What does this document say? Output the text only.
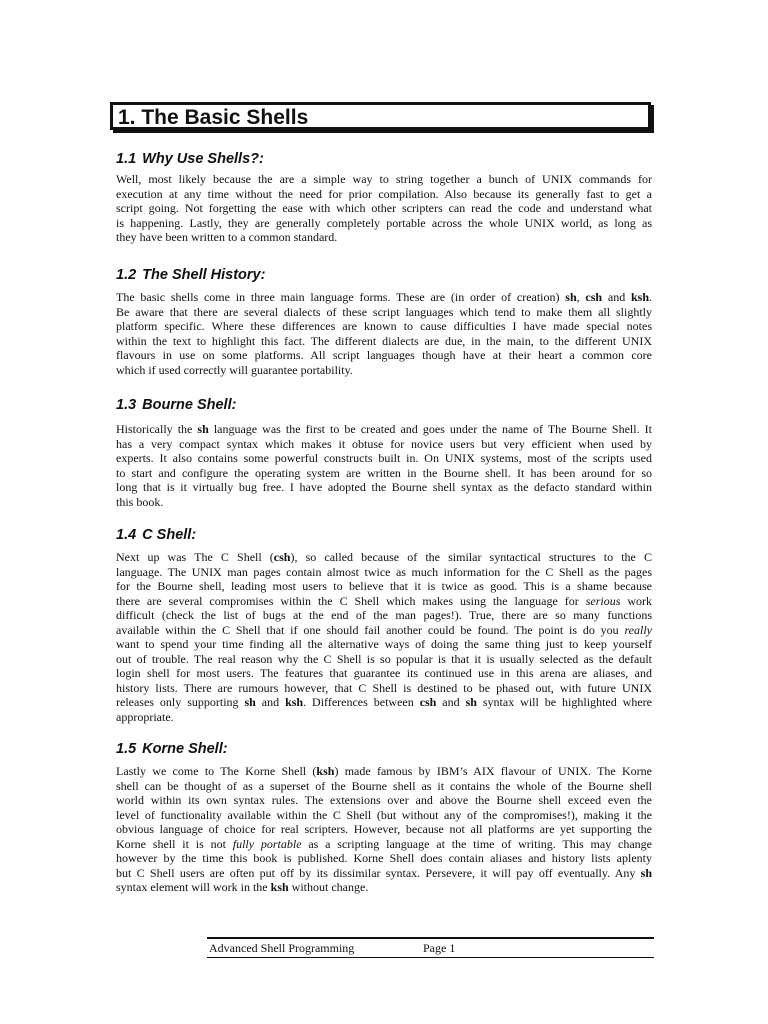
1. The Basic Shells
1.1 Why Use Shells?:
Well, most likely because the are a simple way to string together a bunch of UNIX commands for
execution at any time without the need for prior compilation. Also because its generally fast to get a
script going. Not forgetting the ease with which other scripters can read the code and understand what
is happening. Lastly, they are generally completely portable across the whole UNIX world, as long as
they have been written to a common standard.
1.2 The Shell History:
The basic shells come in three main language forms. These are (in order of creation) sh, csh and ksh.
Be aware that there are several dialects of these script languages which tend to make them all slightly
platform specific. Where these differences are known to cause difficulties I have made special notes
within the text to highlight this fact. The different dialects are due, in the main, to the different UNIX
flavours in use on some platforms. All script languages though have at their heart a common core
which if used correctly will guarantee portability.
1.3 Bourne Shell:
Historically the sh language was the first to be created and goes under the name of The Bourne Shell. It
has a very compact syntax which makes it obtuse for novice users but very efficient when used by
experts. It also contains some powerful constructs built in. On UNIX systems, most of the scripts used
to start and configure the operating system are written in the Bourne shell. It has been around for so
long that is it virtually bug free. I have adopted the Bourne shell syntax as the defacto standard within
this book.
1.4 C Shell:
Next up was The C Shell (csh), so called because of the similar syntactical structures to the C
language. The UNIX man pages contain almost twice as much information for the C Shell as the pages
for the Bourne shell, leading most users to believe that it is twice as good. This is a shame because
there are several compromises within the C Shell which makes using the language for serious work
difficult (check the list of bugs at the end of the man pages!). True, there are so many functions
available within the C Shell that if one should fail another could be found. The point is do you really
want to spend your time finding all the alternative ways of doing the same thing just to keep yourself
out of trouble. The real reason why the C Shell is so popular is that it is usually selected as the default
login shell for most users. The features that guarantee its continued use in this arena are aliases, and
history lists. There are rumours however, that C Shell is destined to be phased out, with future UNIX
releases only supporting sh and ksh. Differences between csh and sh syntax will be highlighted where
appropriate.
1.5 Korne Shell:
Lastly we come to The Korne Shell (ksh) made famous by IBM’s AIX flavour of UNIX. The Korne
shell can be thought of as a superset of the Bourne shell as it contains the whole of the Bourne shell
world within its own syntax rules. The extensions over and above the Bourne shell exceed even the
level of functionality available within the C Shell (but without any of the compromises!), making it the
obvious language of choice for real scripters. However, because not all platforms are yet supporting the
Korne shell it is not fully portable as a scripting language at the time of writing. This may change
however by the time this book is published. Korne Shell does contain aliases and history lists aplenty
but C Shell users are often put off by its dissimilar syntax. Persevere, it will pay off eventually. Any sh
syntax element will work in the ksh without change.
Advanced Shell Programming	Page 1
